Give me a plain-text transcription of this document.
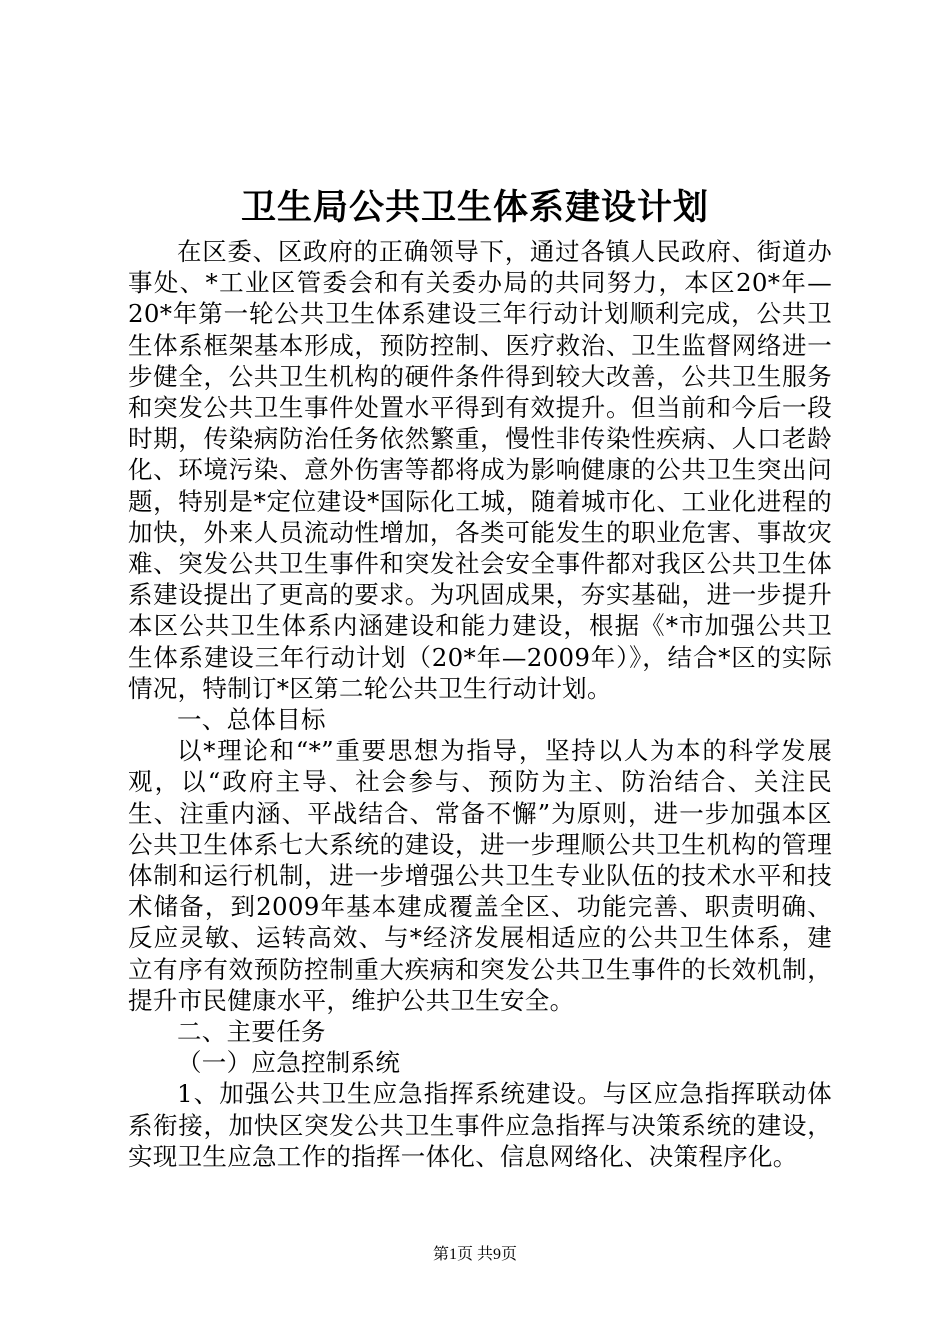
卫生局公共卫生体系建设计划

在区委、区政府的正确领导下，通过各镇人民政府、街道办事处、*工业区管委会和有关委办局的共同努力，本区20*年—20*年第一轮公共卫生体系建设三年行动计划顺利完成，公共卫生体系框架基本形成，预防控制、医疗救治、卫生监督网络进一步健全，公共卫生机构的硬件条件得到较大改善，公共卫生服务和突发公共卫生事件处置水平得到有效提升。但当前和今后一段时期，传染病防治任务依然繁重，慢性非传染性疾病、人口老龄化、环境污染、意外伤害等都将成为影响健康的公共卫生突出问题，特别是*定位建设*国际化工城，随着城市化、工业化进程的加快，外来人员流动性增加，各类可能发生的职业危害、事故灾难、突发公共卫生事件和突发社会安全事件都对我区公共卫生体系建设提出了更高的要求。为巩固成果，夯实基础，进一步提升本区公共卫生体系内涵建设和能力建设，根据《*市加强公共卫生体系建设三年行动计划（20*年—2009年）》，结合*区的实际情况，特制订*区第二轮公共卫生行动计划。

一、总体目标

以*理论和“*”重要思想为指导，坚持以人为本的科学发展观，以“政府主导、社会参与、预防为主、防治结合、关注民生、注重内涵、平战结合、常备不懈”为原则，进一步加强本区公共卫生体系七大系统的建设，进一步理顺公共卫生机构的管理体制和运行机制，进一步增强公共卫生专业队伍的技术水平和技术储备，到2009年基本建成覆盖全区、功能完善、职责明确、反应灵敏、运转高效、与*经济发展相适应的公共卫生体系，建立有序有效预防控制重大疾病和突发公共卫生事件的长效机制，提升市民健康水平，维护公共卫生安全。

二、主要任务

（一）应急控制系统

1、加强公共卫生应急指挥系统建设。与区应急指挥联动体系衔接，加快区突发公共卫生事件应急指挥与决策系统的建设，实现卫生应急工作的指挥一体化、信息网络化、决策程序化。

第1页 共9页
